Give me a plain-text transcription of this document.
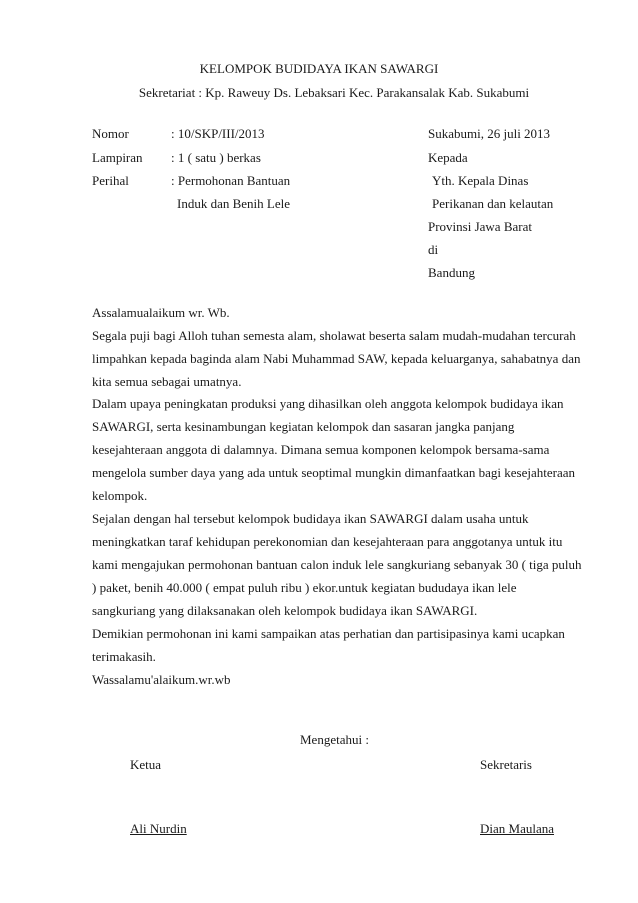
KELOMPOK BUDIDAYA IKAN SAWARGI
Sekretariat : Kp. Raweuy Ds. Lebaksari Kec. Parakansalak Kab. Sukabumi
Nomor	: 10/SKP/III/2013
Lampiran : 1 ( satu ) berkas
Perihal	: Permohonan Bantuan
Induk dan Benih Lele
Sukabumi, 26 juli 2013
Kepada
Yth. Kepala Dinas
Perikanan dan kelautan
Provinsi Jawa Barat
di
Bandung
Assalamualaikum wr. Wb.
Segala puji bagi Alloh tuhan semesta alam, sholawat beserta salam mudah-mudahan tercurah
limpahkan kepada baginda alam Nabi Muhammad SAW, kepada keluarganya, sahabatnya dan
kita semua sebagai umatnya.
Dalam upaya peningkatan produksi yang dihasilkan oleh anggota kelompok budidaya ikan
SAWARGI, serta kesinambungan kegiatan kelompok dan sasaran jangka panjang
kesejahteraan anggota di dalamnya. Dimana semua komponen kelompok bersama-sama
mengelola sumber daya yang ada untuk seoptimal mungkin dimanfaatkan bagi kesejahteraan
kelompok.
Sejalan dengan hal tersebut kelompok budidaya ikan SAWARGI dalam usaha untuk
meningkatkan taraf kehidupan perekonomian dan kesejahteraan para anggotanya untuk itu
kami mengajukan permohonan bantuan calon induk lele sangkuriang sebanyak 30 ( tiga puluh
) paket, benih 40.000 ( empat puluh ribu ) ekor.untuk kegiatan bududaya ikan lele
sangkuriang yang dilaksanakan oleh kelompok budidaya ikan SAWARGI.
Demikian permohonan ini kami sampaikan atas perhatian dan partisipasinya kami ucapkan
terimakasih.
Wassalamu'alaikum.wr.wb
Mengetahui :
Ketua	Sekretaris
Ali Nurdin	Dian Maulana
